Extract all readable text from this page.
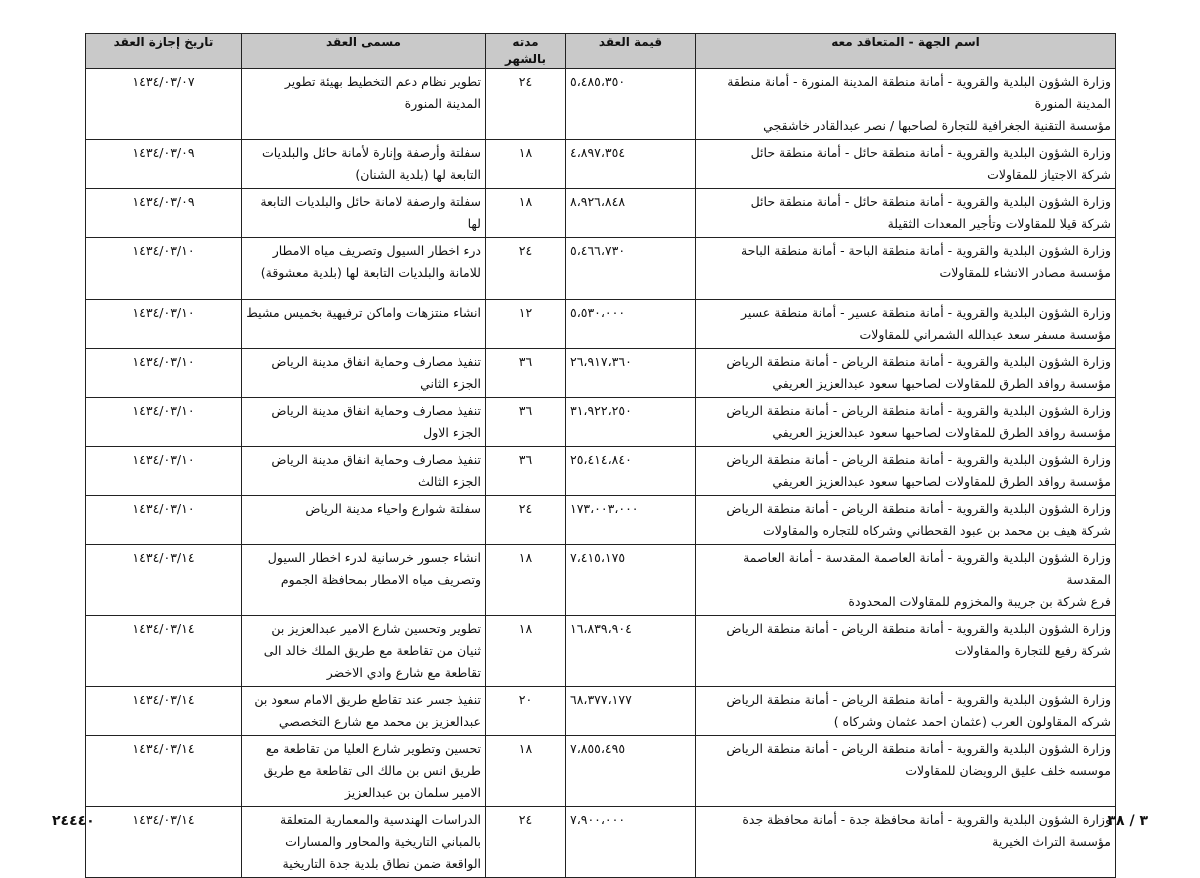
اسم الجهة - المتعاقد معه	قيمة العقد	مدته بالشهر	مسمى العقد	تاريخ إجازة العقد

وزارة الشؤون البلدية والقروية - أمانة منطقة المدينة المنورة - أمانة منطقة
المدينة المنورة
مؤسسة التقنية الجغرافية للتجارة لصاحبها / نصر عبدالقادر خاشقجي	٥،٤٨٥،٣٥٠	٢٤	تطوير نظام دعم التخطيط بهيئة تطوير المدينة المنورة	١٤٣٤/٠٣/٠٧

وزارة الشؤون البلدية والقروية - أمانة منطقة حائل - أمانة منطقة حائل
شركة الاجتياز للمقاولات	٤،٨٩٧،٣٥٤	١٨	سفلتة وأرصفة وإنارة لأمانة حائل والبلديات التابعة لها (بلدية الشنان)	١٤٣٤/٠٣/٠٩

وزارة الشؤون البلدية والقروية - أمانة منطقة حائل - أمانة منطقة حائل
شركة قيلا للمقاولات وتأجير المعدات الثقيلة	٨،٩٢٦،٨٤٨	١٨	سفلتة وارصفة لامانة حائل والبلديات التابعة لها	١٤٣٤/٠٣/٠٩

وزارة الشؤون البلدية والقروية - أمانة منطقة الباحة - أمانة منطقة الباحة
مؤسسة مصادر الانشاء للمقاولات	٥،٤٦٦،٧٣٠	٢٤	درء اخطار السيول وتصريف مياه الامطار للامانة والبلديات التابعة لها (بلدية معشوقة)	١٤٣٤/٠٣/١٠

وزارة الشؤون البلدية والقروية - أمانة منطقة عسير - أمانة منطقة عسير
مؤسسة مسفر سعد عبدالله الشمراني للمقاولات	٥،٥٣٠،٠٠٠	١٢	انشاء منتزهات واماكن ترفيهية بخميس مشيط	١٤٣٤/٠٣/١٠

وزارة الشؤون البلدية والقروية - أمانة منطقة الرياض - أمانة منطقة الرياض
مؤسسة روافد الطرق للمقاولات لصاحبها سعود عبدالعزيز العريفي	٢٦،٩١٧،٣٦٠	٣٦	تنفيذ مصارف وحماية انفاق مدينة الرياض الجزء الثاني	١٤٣٤/٠٣/١٠

وزارة الشؤون البلدية والقروية - أمانة منطقة الرياض - أمانة منطقة الرياض
مؤسسة روافد الطرق للمقاولات لصاحبها سعود عبدالعزيز العريفي	٣١،٩٢٢،٢٥٠	٣٦	تنفيذ مصارف وحماية انفاق مدينة الرياض الجزء الاول	١٤٣٤/٠٣/١٠

وزارة الشؤون البلدية والقروية - أمانة منطقة الرياض - أمانة منطقة الرياض
مؤسسة روافد الطرق للمقاولات لصاحبها سعود عبدالعزيز العريفي	٢٥،٤١٤،٨٤٠	٣٦	تنفيذ مصارف وحماية انفاق مدينة الرياض الجزء الثالث	١٤٣٤/٠٣/١٠

وزارة الشؤون البلدية والقروية - أمانة منطقة الرياض - أمانة منطقة الرياض
شركة هيف بن محمد بن عبود القحطاني وشركاه للتجاره والمقاولات	١٧٣،٠٠٣،٠٠٠	٢٤	سفلتة شوارع واحياء مدينة الرياض	١٤٣٤/٠٣/١٠

وزارة الشؤون البلدية والقروية - أمانة العاصمة المقدسة - أمانة العاصمة
المقدسة
فرع شركة بن جريبة والمخزوم للمقاولات المحدودة	٧،٤١٥،١٧٥	١٨	انشاء جسور خرسانية لدرء اخطار السيول وتصريف مياه الامطار بمحافظة الجموم	١٤٣٤/٠٣/١٤

وزارة الشؤون البلدية والقروية - أمانة منطقة الرياض - أمانة منطقة الرياض
شركة رفيع للتجارة والمقاولات	١٦،٨٣٩،٩٠٤	١٨	تطوير وتحسين شارع الامير عبدالعزيز بن ثنيان من تقاطعة مع طريق الملك خالد الى تقاطعة مع شارع وادي الاخضر	١٤٣٤/٠٣/١٤

وزارة الشؤون البلدية والقروية - أمانة منطقة الرياض - أمانة منطقة الرياض
شركه المقاولون العرب (عثمان احمد عثمان وشركاه )	٦٨،٣٧٧،١٧٧	٢٠	تنفيذ جسر عند تقاطع طريق الامام سعود بن عبدالعزيز بن محمد مع شارع التخصصي	١٤٣٤/٠٣/١٤

وزارة الشؤون البلدية والقروية - أمانة منطقة الرياض - أمانة منطقة الرياض
موسسه خلف عليق الرويضان للمقاولات	٧،٨٥٥،٤٩٥	١٨	تحسين وتطوير شارع العليا من تقاطعة مع طريق انس بن مالك الى تقاطعة مع طريق الامير سلمان بن عبدالعزيز	١٤٣٤/٠٣/١٤

وزارة الشؤون البلدية والقروية - أمانة محافظة جدة - أمانة محافظة جدة
مؤسسة التراث الخيرية	٧،٩٠٠،٠٠٠	٢٤	الدراسات الهندسية والمعمارية المتعلقة بالمباني التاريخية والمحاور والمسارات الواقعة ضمن نطاق بلدية جدة التاريخية	١٤٣٤/٠٣/١٤
٢٤٤٤٠	٣ / ٣٨
